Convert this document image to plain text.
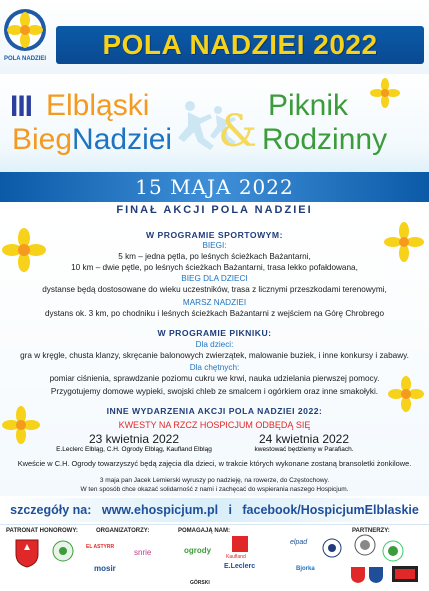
POLA NADZIEI	POLA NADZIEI 2022
III Elbląski
BiegNadziei &
Piknik
Rodzinny
15 MAJA 2022
FINAŁ AKCJI POLA NADZIEI
W PROGRAMIE SPORTOWYM:
BIEGI:
5 km – jedna pętla, po leśnych ścieżkach Bażantarni,
10 km – dwie pętle, po leśnych ścieżkach Bażantarni, trasa lekko pofałdowana,
BIEG DLA DZIECI
dystanse będą dostosowane do wieku uczestników, trasa z licznymi przeszkodami terenowymi,
MARSZ NADZIEI
dystans ok. 3 km, po chodniku i leśnych ścieżkach Bażantarni z wejściem na Górę Chrobrego
W PROGRAMIE PIKNIKU:
Dla dzieci:
gra w kręgle, chusta klanzy, skręcanie balonowych zwierzątek, malowanie buziek, i inne konkursy i zabawy.
Dla chętnych:
pomiar ciśnienia, sprawdzanie poziomu cukru we krwi, nauka udzielania pierwszej pomocy.
Przygotujemy domowe wypieki, swojski chleb ze smalcem i ogórkiem oraz inne smakołyki.
INNE WYDARZENIA AKCJI POLA NADZIEI 2022:
KWESTY NA RZCZ HOSPICJUM ODBĘDĄ SIĘ
23 kwietnia 2022
E.Leclerc Elbląg, C.H. Ogrody Elbląg, Kaufland Elbląg
24 kwietnia 2022
kwestować będziemy w Parafiach.
Kweście w C.H. Ogrody towarzyszyć będą zajęcia dla dzieci, w trakcie których wykonane zostaną bransoletki żonkilowe.
3 maja pan Jacek Lemierski wyruszy po nadzieję, na rowerze, do Częstochowy.
W ten sposób chce okazać solidarność z nami i zachęcać do wspierania naszego Hospicjum.
szczegóły na: www.ehospicjum.pl i facebook/HospicjumElblaskie
PATRONAT HONOROWY:	ORGANIZATORZY:	POMAGAJĄ NAM:	PARTNERZY:
EL ASTYRR
mosir
snrie	ogrody
Kaufland
E.Leclerc
elpad
GÓRSKI
Bjorka
